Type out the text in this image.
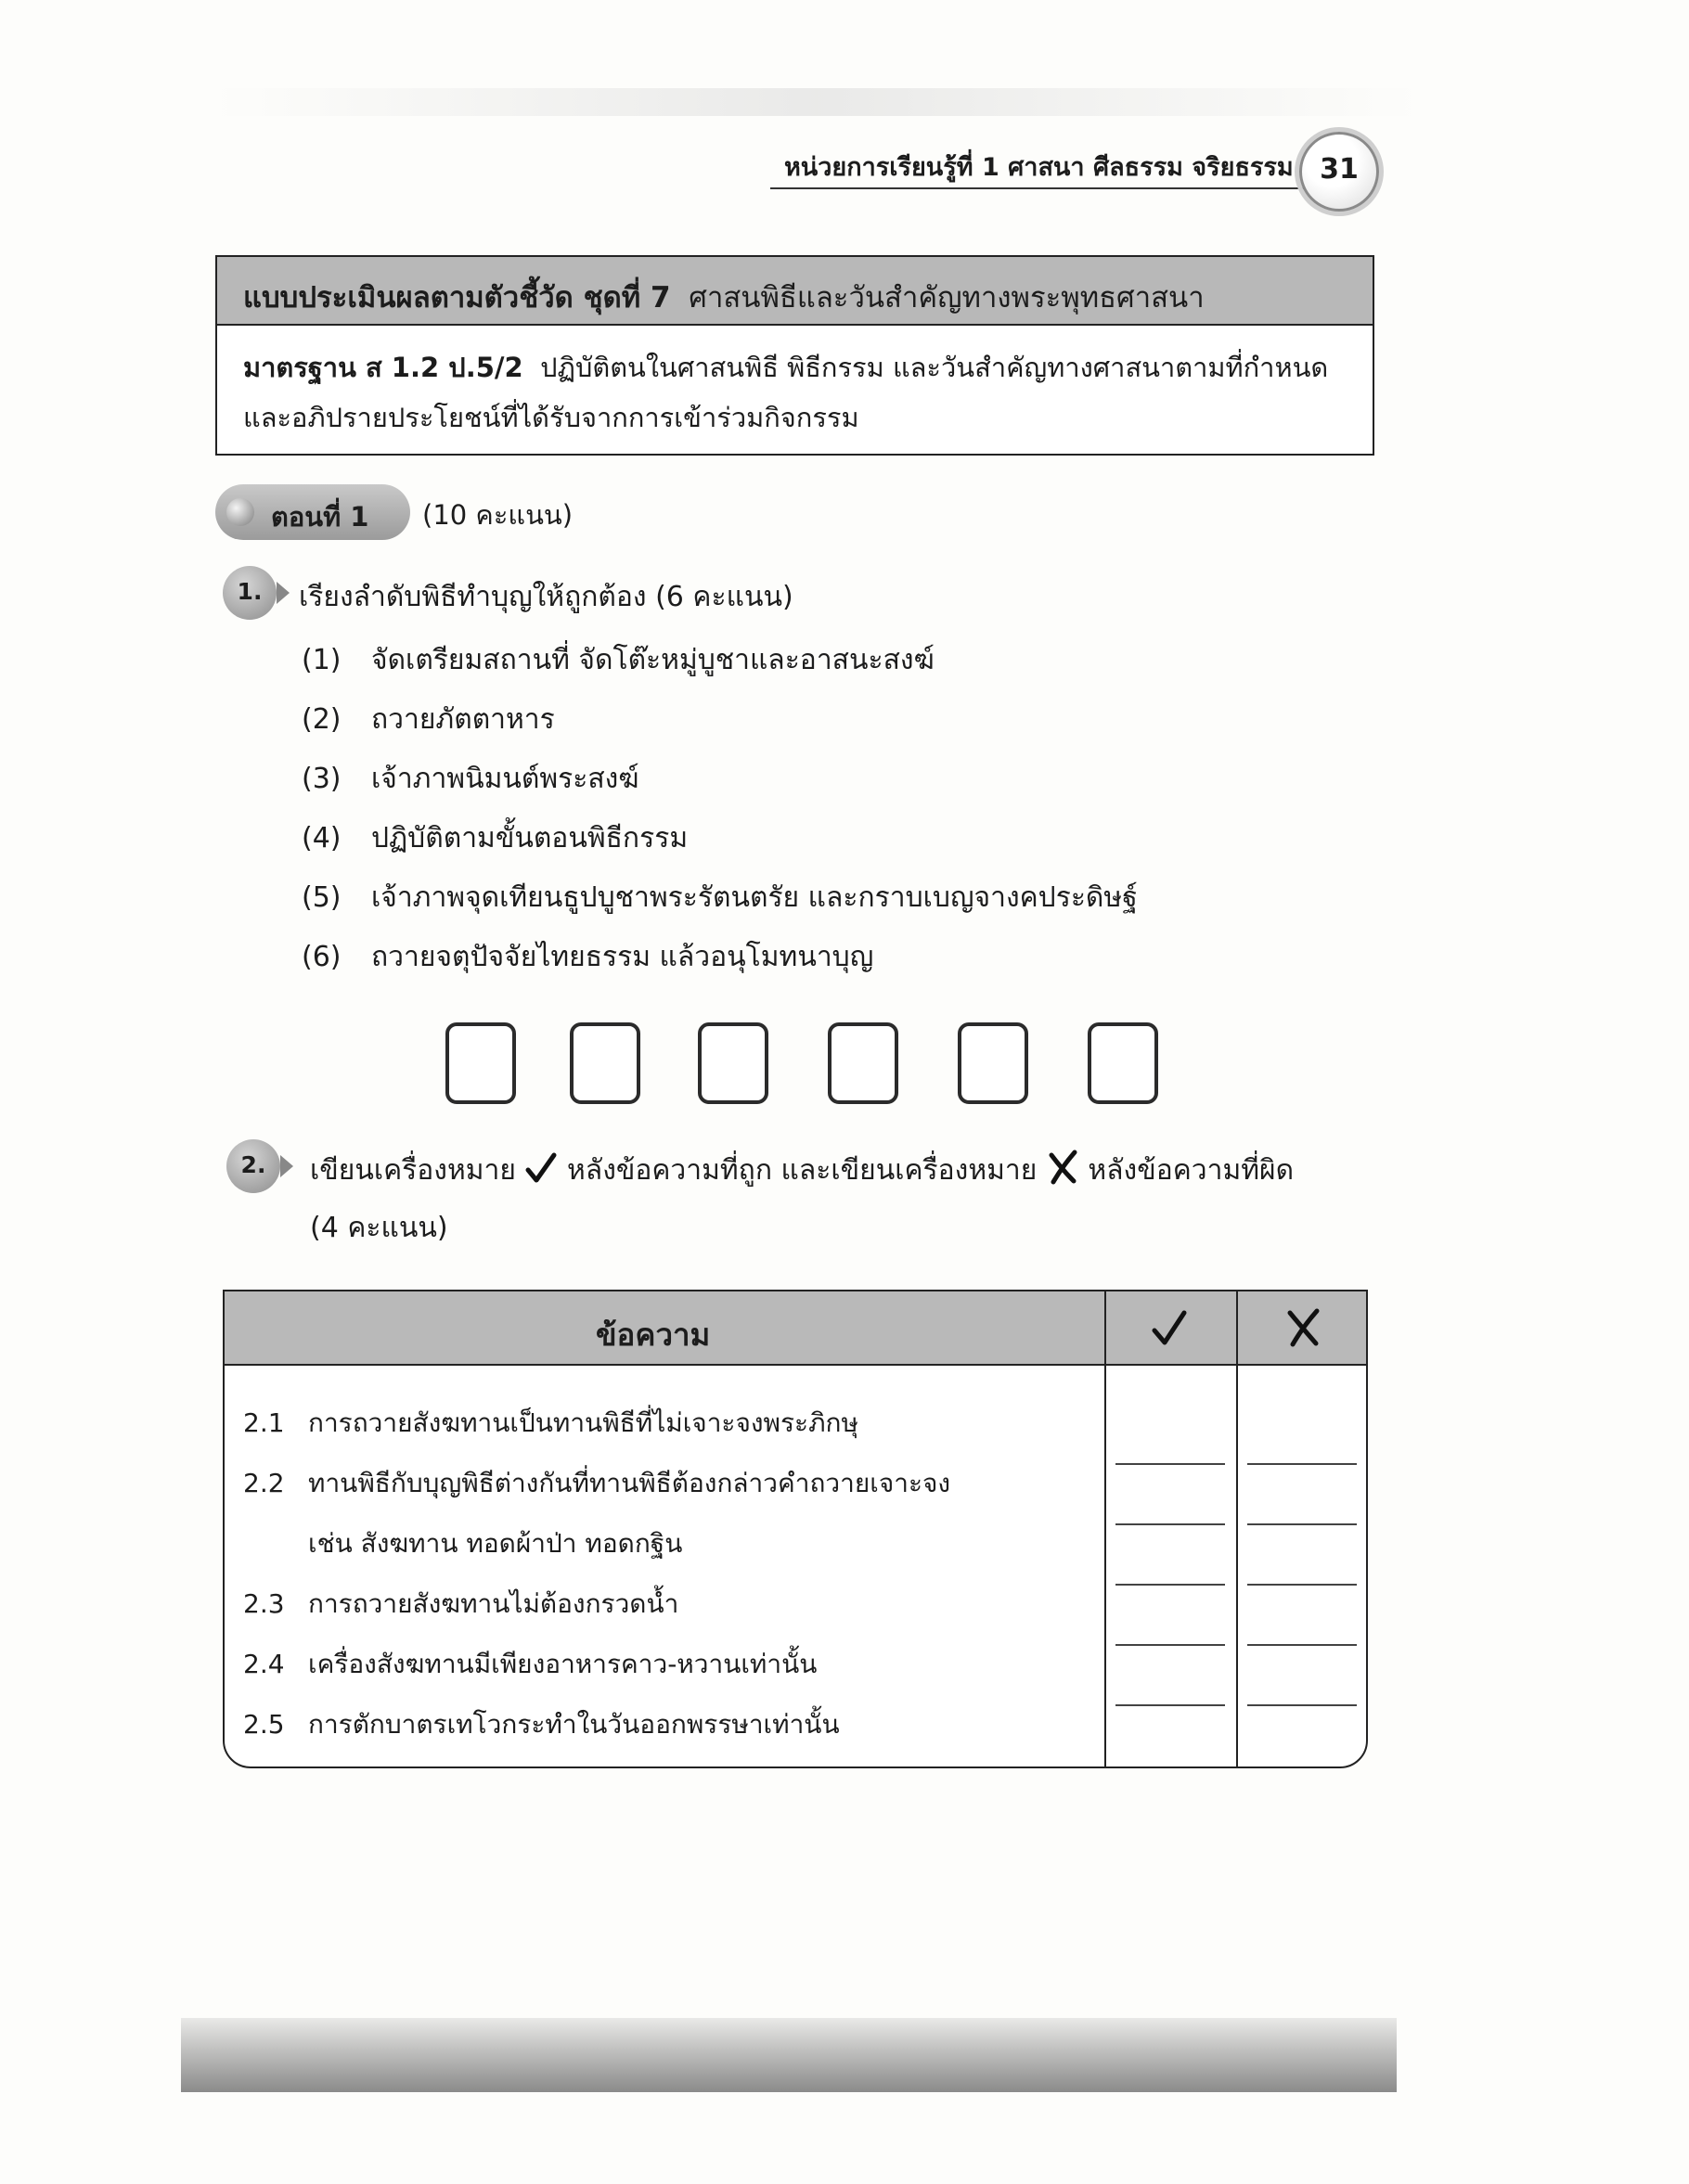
หน่วยการเรียนรู้ที่ 1 ศาสนา ศีลธรรม จริยธรรม 31
แบบประเมินผลตามตัวชี้วัด ชุดที่ 7 ศาสนพิธีและวันสำคัญทางพระพุทธศาสนา
มาตรฐาน ส 1.2 ป.5/2 ปฏิบัติตนในศาสนพิธี พิธีกรรม และวันสำคัญทางศาสนาตามที่กำหนด
และอภิปรายประโยชน์ที่ได้รับจากการเข้าร่วมกิจกรรม
ตอนที่ 1 (10 คะแนน)
1.	เรียงลำดับพิธีทำบุญให้ถูกต้อง (6 คะแนน)
(1) จัดเตรียมสถานที่ จัดโต๊ะหมู่บูชาและอาสนะสงฆ์
(2) ถวายภัตตาหาร
(3) เจ้าภาพนิมนต์พระสงฆ์
(4) ปฏิบัติตามขั้นตอนพิธีกรรม
(5) เจ้าภาพจุดเทียนธูปบูชาพระรัตนตรัย และกราบเบญจางคประดิษฐ์
(6) ถวายจตุปัจจัยไทยธรรม แล้วอนุโมทนาบุญ
2.	เขียนเครื่องหมาย หลังข้อความที่ถูก และเขียนเครื่องหมาย หลังข้อความที่ผิด
(4 คะแนน)
ข้อความ
2.1 การถวายสังฆทานเป็นทานพิธีที่ไม่เจาะจงพระภิกษุ
2.2 ทานพิธีกับบุญพิธีต่างกันที่ทานพิธีต้องกล่าวคำถวายเจาะจง
เช่น สังฆทาน ทอดผ้าป่า ทอดกฐิน
2.3 การถวายสังฆทานไม่ต้องกรวดน้ำ
2.4 เครื่องสังฆทานมีเพียงอาหารคาว-หวานเท่านั้น
2.5 การตักบาตรเทโวกระทำในวันออกพรรษาเท่านั้น
